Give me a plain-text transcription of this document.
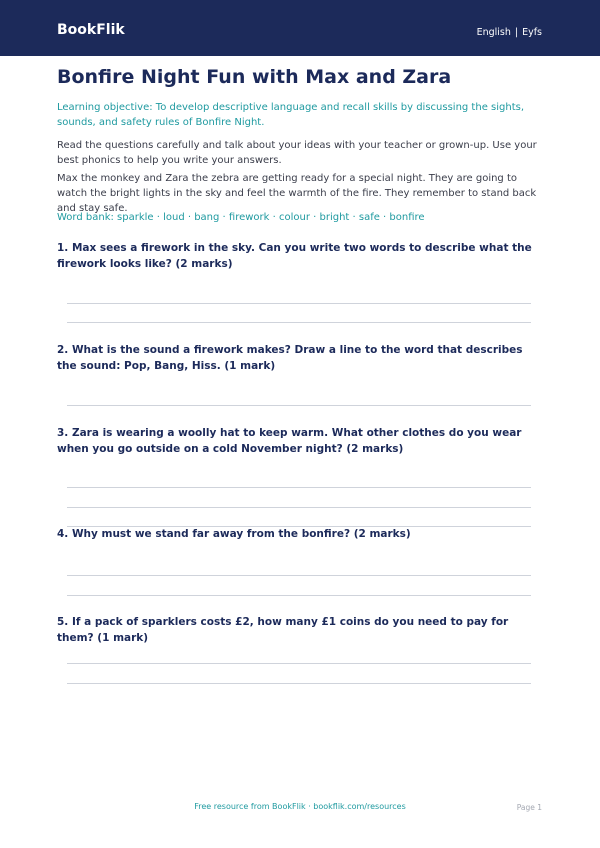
BookFlik	English | Eyfs
Bonfire Night Fun with Max and Zara

Learning objective: To develop descriptive language and recall skills by discussing the sights, sounds, and safety rules of Bonfire Night.

Read the questions carefully and talk about your ideas with your teacher or grown-up. Use your best phonics to help you write your answers.

Max the monkey and Zara the zebra are getting ready for a special night. They are going to watch the bright lights in the sky and feel the warmth of the fire. They remember to stand back and stay safe.

Word bank: sparkle · loud · bang · firework · colour · bright · safe · bonfire

1. Max sees a firework in the sky. Can you write two words to describe what the firework looks like? (2 marks)

2. What is the sound a firework makes? Draw a line to the word that describes the sound: Pop, Bang, Hiss. (1 mark)

3. Zara is wearing a woolly hat to keep warm. What other clothes do you wear when you go outside on a cold November night? (2 marks)

4. Why must we stand far away from the bonfire? (2 marks)

5. If a pack of sparklers costs £2, how many £1 coins do you need to pay for them? (1 mark)

Free resource from BookFlik · bookflik.com/resources	Page 1
